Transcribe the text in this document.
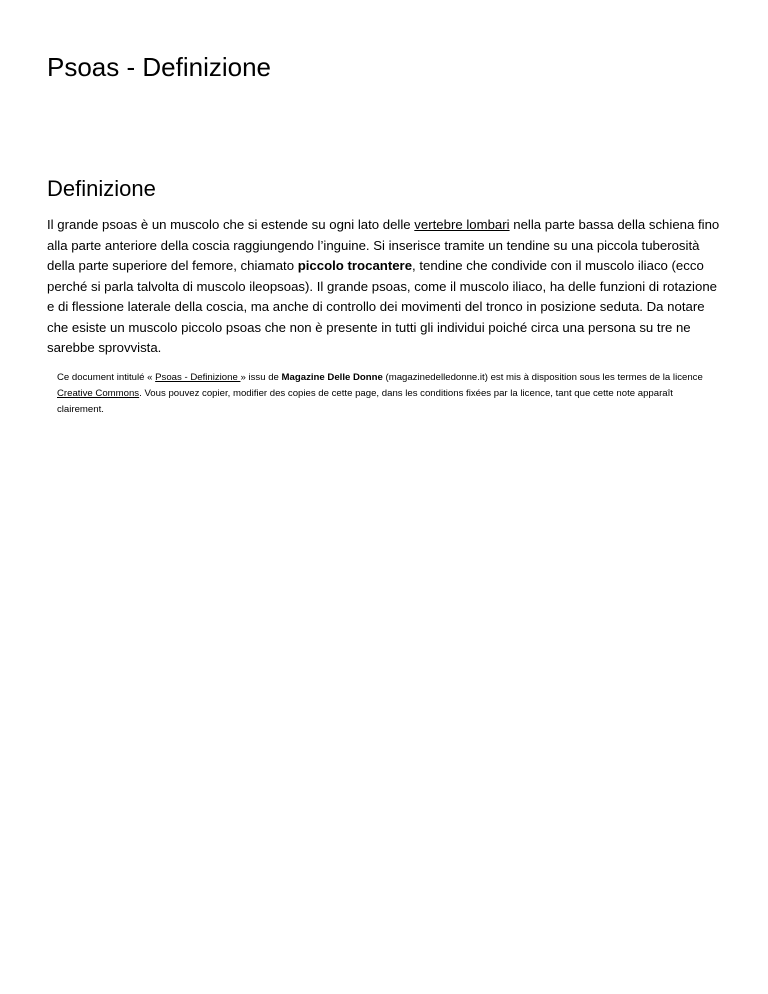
Psoas - Definizione
Definizione

Il grande psoas è un muscolo che si estende su ogni lato delle vertebre lombari nella parte bassa della schiena fino alla parte anteriore della coscia raggiungendo l’inguine. Si inserisce tramite un tendine su una piccola tuberosità della parte superiore del femore, chiamato piccolo trocantere, tendine che condivide con il muscolo iliaco (ecco perché si parla talvolta di muscolo ileopsoas). Il grande psoas, come il muscolo iliaco, ha delle funzioni di rotazione e di flessione laterale della coscia, ma anche di controllo dei movimenti del tronco in posizione seduta. Da notare che esiste un muscolo piccolo psoas che non è presente in tutti gli individui poiché circa una persona su tre ne sarebbe sprovvista.

Ce document intitulé « Psoas - Definizione » issu de Magazine Delle Donne (magazinedelledonne.it) est mis à disposition sous les termes de la licence Creative Commons. Vous pouvez copier, modifier des copies de cette page, dans les conditions fixées par la licence, tant que cette note apparaît clairement.
